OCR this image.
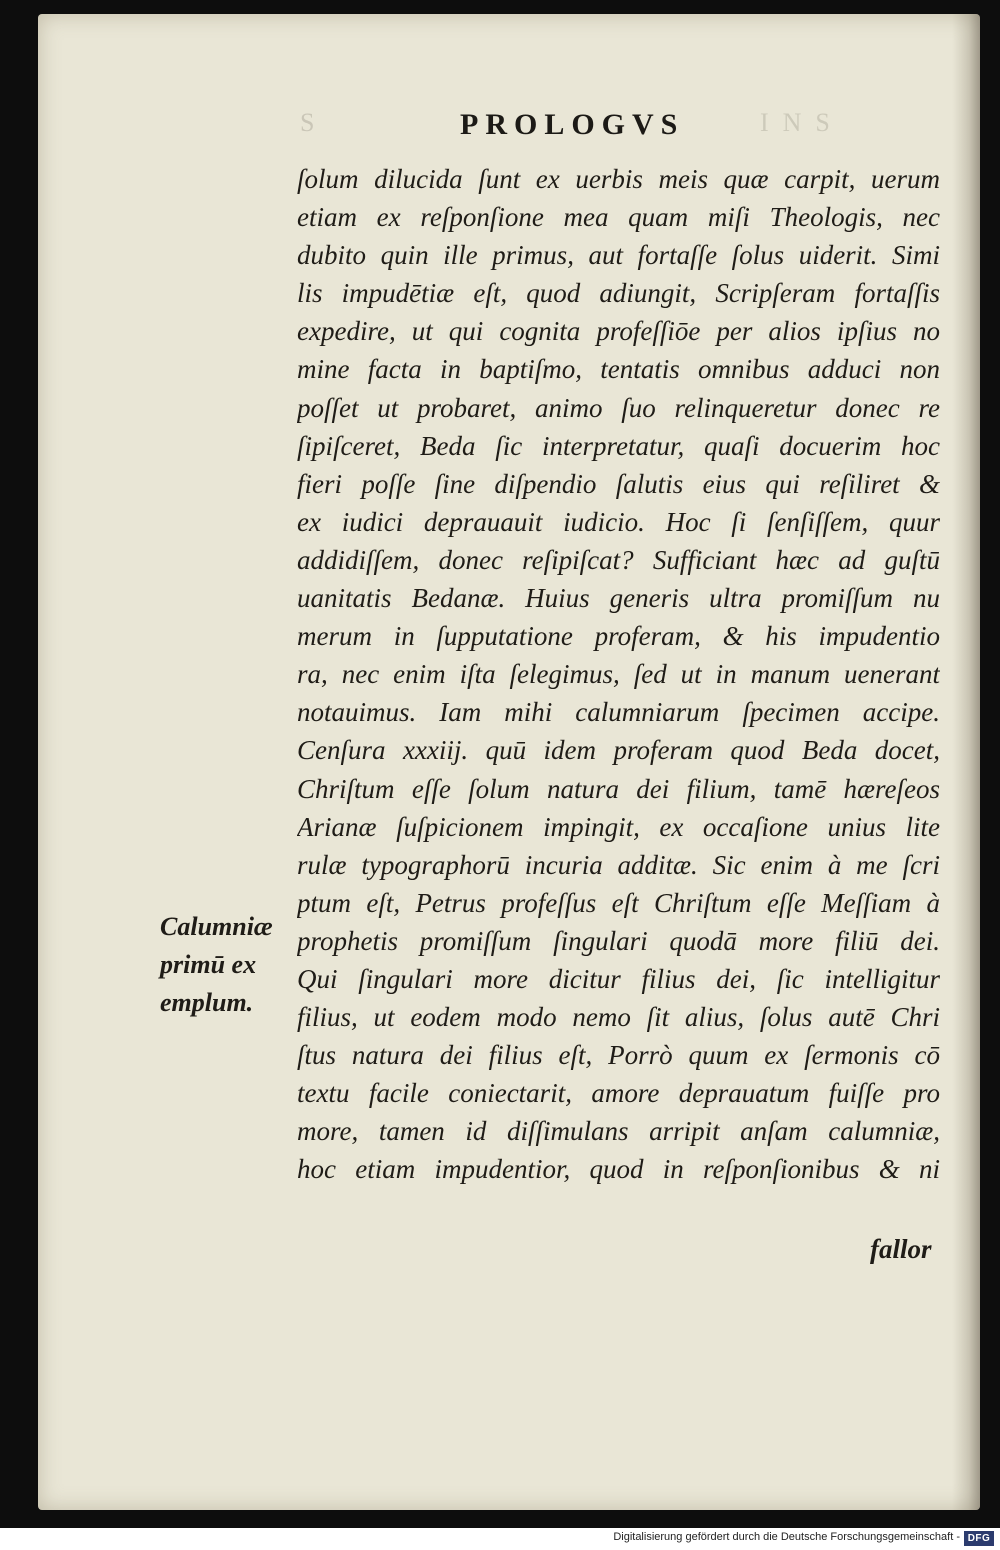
S	PROLOGVS	INS
ſolum dilucida ſunt ex uerbis meis quæ carpit, uerum
etiam ex reſponſione mea quam miſi Theologis, nec
dubito quin ille primus, aut fortaſſe ſolus uiderit. Simi
lis impudētiæ eſt, quod adiungit, Scripſeram fortaſſis
expedire, ut qui cognita profeſſiōe per alios ipſius no
mine facta in baptiſmo, tentatis omnibus adduci non
poſſet ut probaret, animo ſuo relinqueretur donec re
ſipiſceret, Beda ſic interpretatur, quaſi docuerim hoc
fieri poſſe ſine diſpendio ſalutis eius qui reſiliret &
ex iudici deprauauit iudicio. Hoc ſi ſenſiſſem, quur
addidiſſem, donec reſipiſcat? Sufficiant hæc ad guſtū
uanitatis Bedanæ. Huius generis ultra promiſſum nu
merum in ſupputatione proferam, & his impudentio
ra, nec enim iſta ſelegimus, ſed ut in manum uenerant
notauimus. Iam mihi calumniarum ſpecimen accipe.
Cenſura xxxiij. quū idem proferam quod Beda docet,
Chriſtum eſſe ſolum natura dei filium, tamē hæreſeos
Arianæ ſuſpicionem impingit, ex occaſione unius lite
rulæ typographorū incuria additæ. Sic enim à me ſcri
ptum eſt, Petrus profeſſus eſt Chriſtum eſſe Meſſiam à
prophetis promiſſum ſingulari quodā more filiū dei.
Qui ſingulari more dicitur filius dei, ſic intelligitur
filius, ut eodem modo nemo ſit alius, ſolus autē Chri
ſtus natura dei filius eſt, Porrò quum ex ſermonis cō
textu facile coniectarit, amore deprauatum fuiſſe pro
more, tamen id diſſimulans arripit anſam calumniæ,
hoc etiam impudentior, quod in reſponſionibus & ni
fallor
Calumniæ
primū ex
emplum.
Digitalisierung gefördert durch die Deutsche Forschungsgemeinschaft - DFG
